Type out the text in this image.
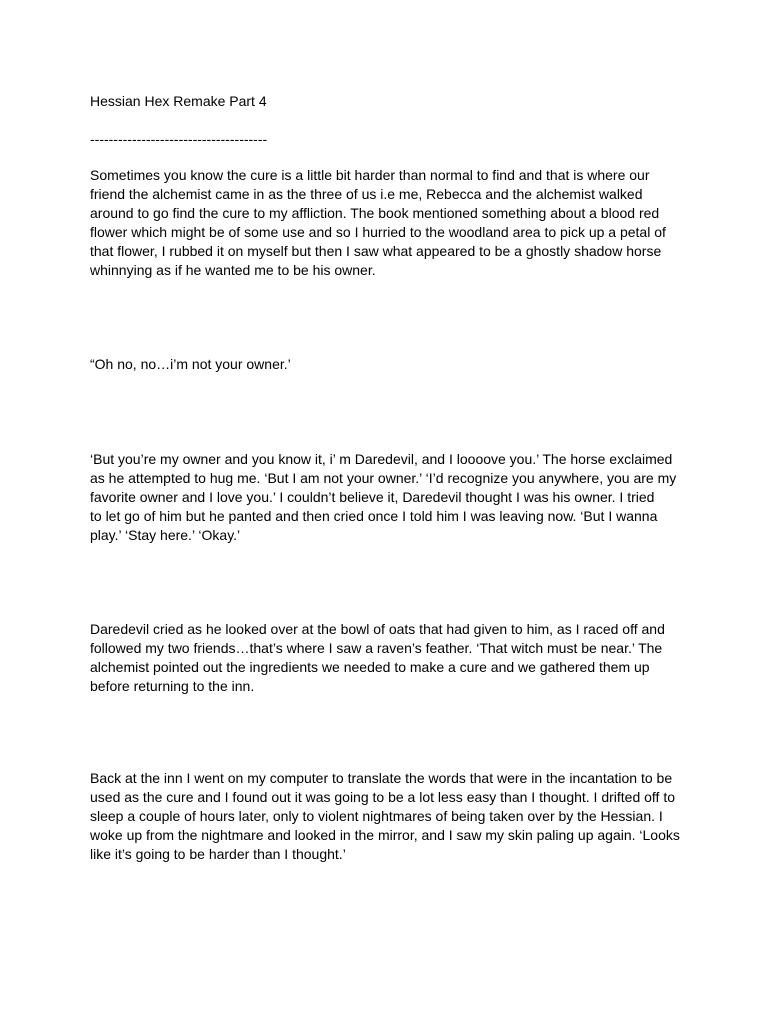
Hessian Hex Remake Part 4
--------------------------------------
Sometimes you know the cure is a little bit harder than normal to find and that is where our
friend the alchemist came in as the three of us i.e me, Rebecca and the alchemist walked
around to go find the cure to my affliction. The book mentioned something about a blood red
flower which might be of some use and so I hurried to the woodland area to pick up a petal of
that flower, I rubbed it on myself but then I saw what appeared to be a ghostly shadow horse
whinnying as if he wanted me to be his owner.
“Oh no, no…i’m not your owner.’
‘But you’re my owner and you know it, i’ m Daredevil, and I loooove you.’ The horse exclaimed
as he attempted to hug me. ‘But I am not your owner.’ ‘I’d recognize you anywhere, you are my
favorite owner and I love you.’ I couldn’t believe it, Daredevil thought I was his owner. I tried
to let go of him but he panted and then cried once I told him I was leaving now. ‘But I wanna
play.’ ‘Stay here.’ ‘Okay.’
Daredevil cried as he looked over at the bowl of oats that had given to him, as I raced off and
followed my two friends…that’s where I saw a raven’s feather. ‘That witch must be near.’ The
alchemist pointed out the ingredients we needed to make a cure and we gathered them up
before returning to the inn.
Back at the inn I went on my computer to translate the words that were in the incantation to be
used as the cure and I found out it was going to be a lot less easy than I thought. I drifted off to
sleep a couple of hours later, only to violent nightmares of being taken over by the Hessian. I
woke up from the nightmare and looked in the mirror, and I saw my skin paling up again. ‘Looks
like it’s going to be harder than I thought.’
